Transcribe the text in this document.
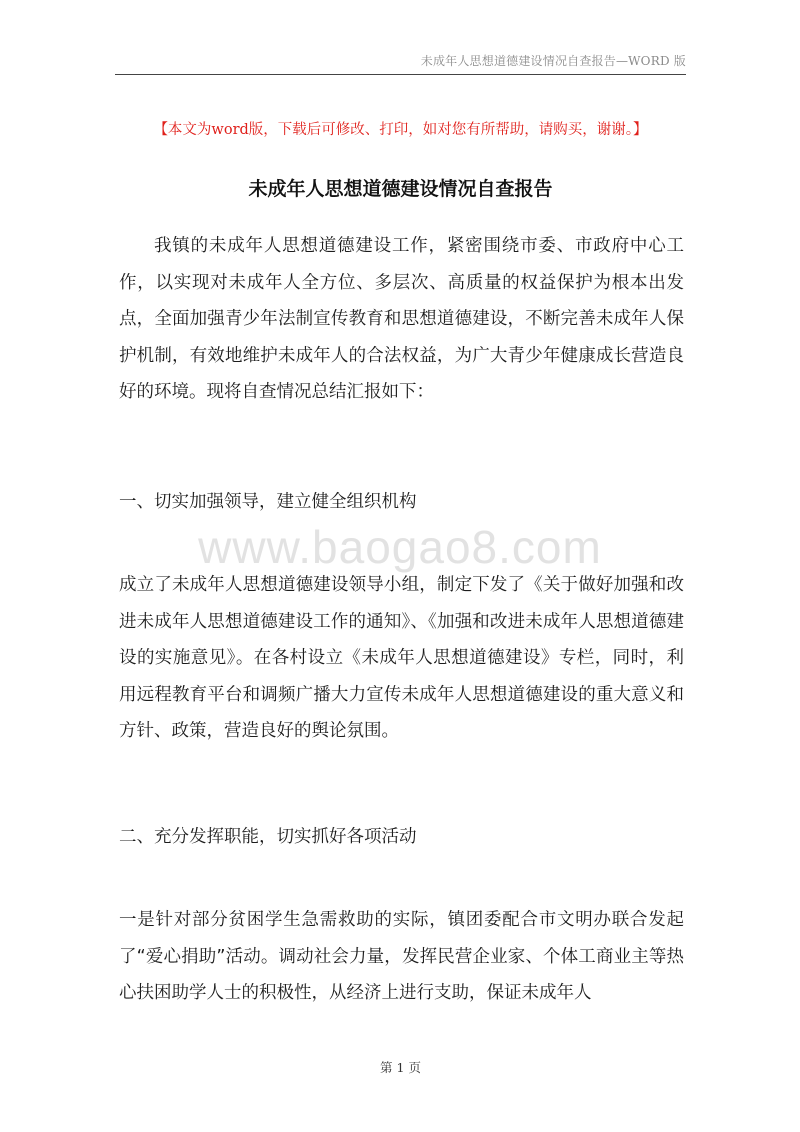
未成年人思想道德建设情况自查报告—WORD 版
【本文为word版，下载后可修改、打印，如对您有所帮助，请购买，谢谢。】
未成年人思想道德建设情况自查报告
我镇的未成年人思想道德建设工作，紧密围绕市委、市政府中心工作，以实现对未成年人全方位、多层次、高质量的权益保护为根本出发点，全面加强青少年法制宣传教育和思想道德建设，不断完善未成年人保护机制，有效地维护未成年人的合法权益，为广大青少年健康成长营造良好的环境。现将自查情况总结汇报如下：
一、切实加强领导，建立健全组织机构
www.baogao8.com
成立了未成年人思想道德建设领导小组，制定下发了《关于做好加强和改进未成年人思想道德建设工作的通知》、《加强和改进未成年人思想道德建设的实施意见》。在各村设立《未成年人思想道德建设》专栏，同时，利用远程教育平台和调频广播大力宣传未成年人思想道德建设的重大意义和方针、政策，营造良好的舆论氛围。
二、充分发挥职能，切实抓好各项活动
一是针对部分贫困学生急需救助的实际，镇团委配合市文明办联合发起了“爱心捐助”活动。调动社会力量，发挥民营企业家、个体工商业主等热心扶困助学人士的积极性，从经济上进行支助，保证未成年人
第 1 页
